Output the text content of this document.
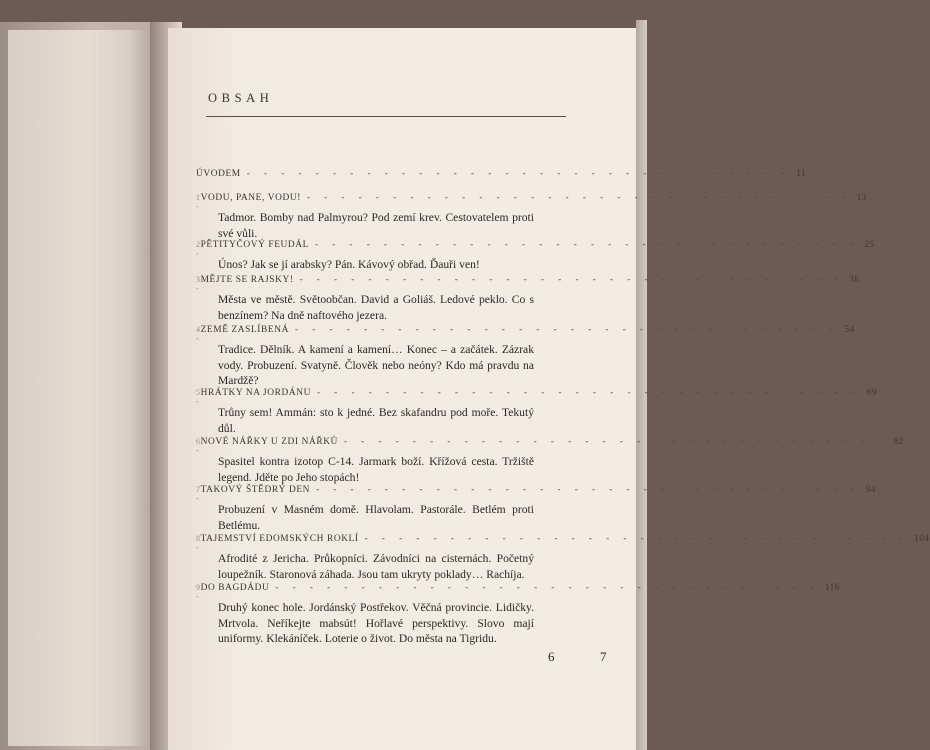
OBSAH
ÚVODEM - - - - - - - - - - - - - - - - - - - - - - - - - - - - - - - - 11
1 -
VODU, PANE, VODU! - - - - - - - - - - - - - - - - - - - - - - - - - - - - - - - - 13
Tadmor. Bomby nad Palmyrou? Pod zemí krev. Cestovatelem proti své vůli.
2 -
PĚTITYČOVÝ FEUDÁL - - - - - - - - - - - - - - - - - - - - - - - - - - - - - - - - 25
Únos? Jak se jí arabsky? Pán. Kávový obřad. Ďauři ven!
3 -
MĚJTE SE RAJSKY! - - - - - - - - - - - - - - - - - - - - - - - - - - - - - - - - 38
Města ve městě. Světoobčan. David a Goliáš. Ledové peklo. Co s benzínem? Na dně naftového jezera.
4 -
ZEMĚ ZASLÍBENÁ - - - - - - - - - - - - - - - - - - - - - - - - - - - - - - - - 54
Tradice. Dělník. A kamení a kamení… Konec – a začátek. Zázrak vody. Probuzení. Svatyně. Člověk nebo neóny? Kdo má pravdu na Mardžě?
5 -
HRÁTKY NA JORDÁNU - - - - - - - - - - - - - - - - - - - - - - - - - - - - - - - - 69
Trůny sem! Ammán: sto k jedné. Bez skafandru pod moře. Tekutý důl.
6 -
NOVÉ NÁŘKY U ZDI NÁŘKŮ - - - - - - - - - - - - - - - - - - - - - - - - - - - - - - - - 82
Spasitel kontra izotop C-14. Jarmark boží. Křížová cesta. Tržiště legend. Jděte po Jeho stopách!
7 -
TAKOVÝ ŠTĚDRÝ DEN - - - - - - - - - - - - - - - - - - - - - - - - - - - - - - - - 94
Probuzení v Masném domě. Hlavolam. Pastorále. Betlém proti Betlému.
8 -
TAJEMSTVÍ EDOMSKÝCH ROKLÍ - - - - - - - - - - - - - - - - - - - - - - - - - - - - - - - - 104
Afrodité z Jericha. Průkopníci. Závodníci na cisternách. Početný loupežník. Staronová záhada. Jsou tam ukryty poklady… Rachíja.
9 -
DO BAGDÁDU - - - - - - - - - - - - - - - - - - - - - - - - - - - - - - - - 116
Druhý konec hole. Jordánský Postřekov. Věčná provincie. Lidičky. Mrtvola. Neříkejte mabsút! Hořlavé perspektivy. Slovo mají uniformy. Klekáníček. Loterie o život. Do města na Tigridu.
6	7
